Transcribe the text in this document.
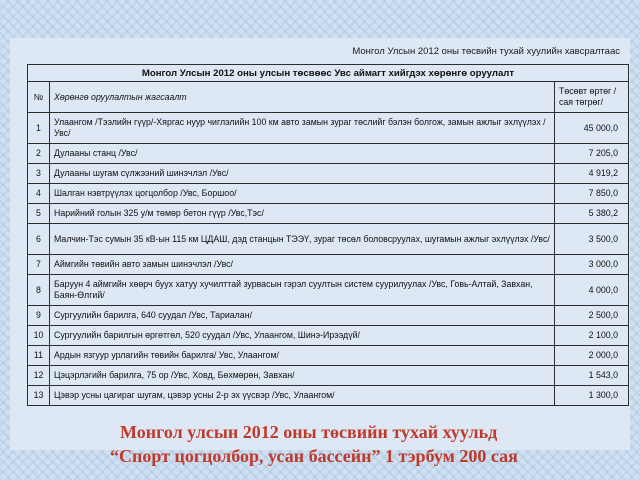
Монгол Улсын 2012 оны төсвийн тухай хуулийн хавсралтаас
Монгол Улсын 2012 оны улсын төсвөөс Увс аймагт хийгдэх хөрөнгө оруулалт		
№	Хөрөнгө оруулалтын жагсаалт	Төсөвт өртөг /сая төгрөг/
1	Улаангом /Тээлийн гүүр/-Хяргас нуур чиглэлийн 100 км авто замын зураг төслийг бэлэн болгож, замын ажлыг эхлүүлэх /Увс/	45 000,0
2	Дулааны станц /Увс/	7 205,0
3	Дулааны шугам сүлжээний шинэчлэл /Увс/	4 919,2
4	Шалган нэвтрүүлэх цогцолбор /Увс, Боршоо/	7 850,0
5	Нарийний голын 325 у/м төмөр бетон гүүр /Увс,Тэс/	5 380,2
6	Малчин-Тэс сумын 35 кВ-ын 115 км ЦДАШ, дэд станцын ТЭЭҮ, зураг төсөл боловсруулах, шугамын ажлыг эхлүүлэх /Увс/	3 500,0
7	Аймгийн төвийн авто замын шинэчлэл /Увс/	3 000,0
8	Баруун 4 аймгийн хөөрч буух хатуу хучилттай зурвасын гэрэл суултын систем суурилуулах /Увс, Говь-Алтай, Завхан, Баян-Өлгий/	4 000,0
9	Сургуулийн барилга, 640 суудал /Увс, Тариалан/	2 500,0
10	Сургуулийн барилгын өргөтгөл, 520 суудал /Увс, Улаангом, Шинэ-Ирээдүй/	2 100,0
11	Ардын язгуур урлагийн төвийн барилга/ Увс, Улаангом/	2 000,0
12	Цэцэрлэгийн барилга, 75 ор /Увс, Ховд, Бөхмөрөн, Завхан/	1 543,0
13	Цэвэр усны цагираг шугам, цэвэр усны 2-р эх үүсвэр /Увс, Улаангом/	1 300,0
Монгол улсын 2012 оны төсвийн тухай хуульд
“Спорт цогцолбор, усан бассейн” 1 тэрбум 200 сая
